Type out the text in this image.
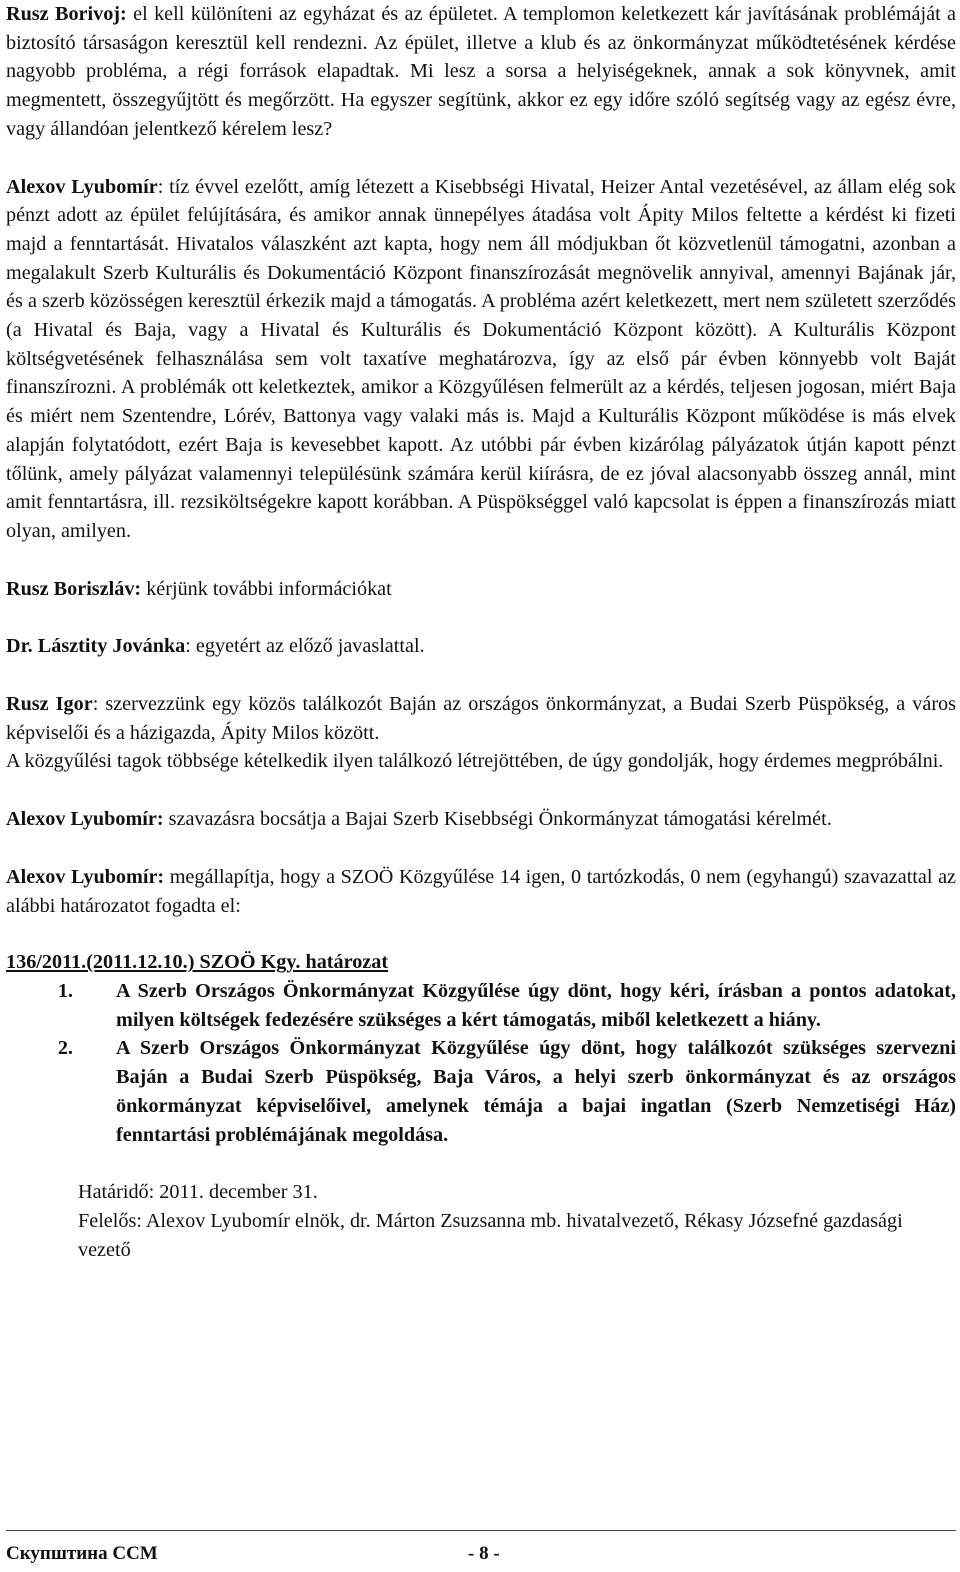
Rusz Borivoj: el kell különíteni az egyházat és az épületet. A templomon keletkezett kár javításának problémáját a biztosító társaságon keresztül kell rendezni. Az épület, illetve a klub és az önkormányzat működtetésének kérdése nagyobb probléma, a régi források elapadtak. Mi lesz a sorsa a helyiségeknek, annak a sok könyvnek, amit megmentett, összegyűjtött és megőrzött. Ha egyszer segítünk, akkor ez egy időre szóló segítség vagy az egész évre, vagy állandóan jelentkező kérelem lesz?

Alexov Lyubomír: tíz évvel ezelőtt, amíg létezett a Kisebbségi Hivatal, Heizer Antal vezetésével, az állam elég sok pénzt adott az épület felújítására, és amikor annak ünnepélyes átadása volt Ápity Milos feltette a kérdést ki fizeti majd a fenntartását. Hivatalos válaszként azt kapta, hogy nem áll módjukban őt közvetlenül támogatni, azonban a megalakult Szerb Kulturális és Dokumentáció Központ finanszírozását megnövelik annyival, amennyi Bajának jár, és a szerb közösségen keresztül érkezik majd a támogatás. A probléma azért keletkezett, mert nem született szerződés (a Hivatal és Baja, vagy a Hivatal és Kulturális és Dokumentáció Központ között). A Kulturális Központ költségvetésének felhasználása sem volt taxatíve meghatározva, így az első pár évben könnyebb volt Baját finanszírozni. A problémák ott keletkeztek, amikor a Közgyűlésen felmerült az a kérdés, teljesen jogosan, miért Baja és miért nem Szentendre, Lórév, Battonya vagy valaki más is. Majd a Kulturális Központ működése is más elvek alapján folytatódott, ezért Baja is kevesebbet kapott. Az utóbbi pár évben kizárólag pályázatok útján kapott pénzt tőlünk, amely pályázat valamennyi településünk számára kerül kiírásra, de ez jóval alacsonyabb összeg annál, mint amit fenntartásra, ill. rezsiköltségekre kapott korábban. A Püspökséggel való kapcsolat is éppen a finanszírozás miatt olyan, amilyen.

Rusz Boriszláv: kérjünk további információkat

Dr. Lásztity Jovánka: egyetért az előző javaslattal.

Rusz Igor: szervezzünk egy közös találkozót Baján az országos önkormányzat, a Budai Szerb Püspökség, a város képviselői és a házigazda, Ápity Milos között.

A közgyűlési tagok többsége kételkedik ilyen találkozó létrejöttében, de úgy gondolják, hogy érdemes megpróbálni.

Alexov Lyubomír: szavazásra bocsátja a Bajai Szerb Kisebbségi Önkormányzat támogatási kérelmét.

Alexov Lyubomír: megállapítja, hogy a SZOÖ Közgyűlése 14 igen, 0 tartózkodás, 0 nem (egyhangú) szavazattal az alábbi határozatot fogadta el:

136/2011.(2011.12.10.) SZOÖ Kgy. határozat

1. A Szerb Országos Önkormányzat Közgyűlése úgy dönt, hogy kéri, írásban a pontos adatokat, milyen költségek fedezésére szükséges a kért támogatás, miből keletkezett a hiány.
2. A Szerb Országos Önkormányzat Közgyűlése úgy dönt, hogy találkozót szükséges szervezni Baján a Budai Szerb Püspökség, Baja Város, a helyi szerb önkormányzat és az országos önkormányzat képviselőivel, amelynek témája a bajai ingatlan (Szerb Nemzetiségi Ház) fenntartási problémájának megoldása.

Határidő: 2011. december 31.

Felelős: Alexov Lyubomír elnök, dr. Márton Zsuzsanna mb. hivatalvezető, Rékasy Józsefné gazdasági vezető

Скупштина ССМ	- 8 -
